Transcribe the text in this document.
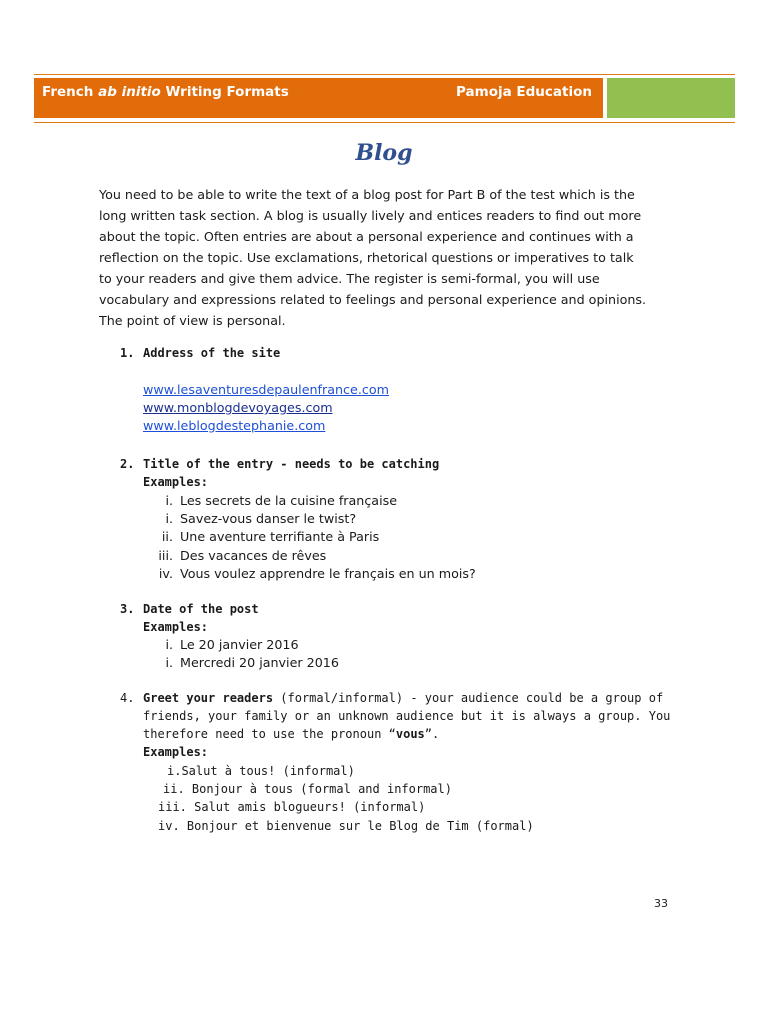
French ab initio Writing Formats	Pamoja Education
Blog

You need to be able to write the text of a blog post for Part B of the test which is the
long written task section. A blog is usually lively and entices readers to find out more
about the topic. Often entries are about a personal experience and continues with a
reflection on the topic. Use exclamations, rhetorical questions or imperatives to talk
to your readers and give them advice. The register is semi-formal, you will use
vocabulary and expressions related to feelings and personal experience and opinions.
The point of view is personal.

1. Address of the site
www.lesaventuresdepaulenfrance.com
www.monblogdevoyages.com
www.leblogdestephanie.com
2. Title of the entry - needs to be catching
Examples:
i. Les secrets de la cuisine française
i. Savez-vous danser le twist?
ii. Une aventure terrifiante à Paris
iii. Des vacances de rêves
iv. Vous voulez apprendre le français en un mois?
3. Date of the post
Examples:
i. Le 20 janvier 2016
i. Mercredi 20 janvier 2016
4. Greet your readers (formal/informal) - your audience could be a group of
friends, your family or an unknown audience but it is always a group. You
therefore need to use the pronoun “vous”.
Examples:
i.Salut à tous! (informal)
ii. Bonjour à tous (formal and informal)
iii. Salut amis blogueurs! (informal)
iv. Bonjour et bienvenue sur le Blog de Tim (formal)
33
